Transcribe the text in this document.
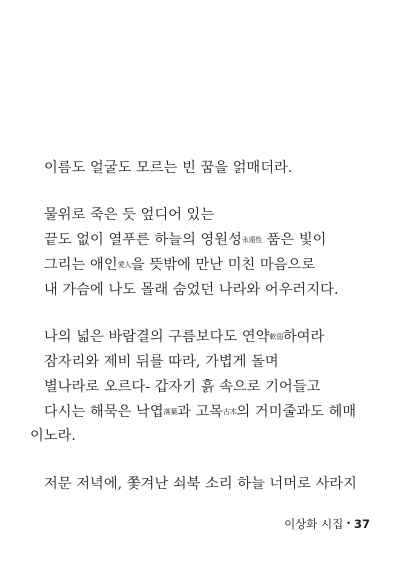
이름도 얼굴도 모르는 빈 꿈을 얽매더라.
물위로 죽은 듯 엎디어 있는
끝도 없이 열푸른 하늘의 영원성永遠性 품은 빛이
그리는 애인愛人을 뜻밖에 만난 미친 마음으로
내 가슴에 나도 몰래 숨었던 나라와 어우러지다.
나의 넓은 바람결의 구름보다도 연약軟弱하여라
잠자리와 제비 뒤를 따라, 가볍게 돌며
별나라로 오르다- 갑자기 흙 속으로 기어들고
다시는 해묵은 낙엽落葉과 고목古木의 거미줄과도 헤매
이노라.
저문 저녁에, 쫓겨난 쇠북 소리 하늘 너머로 사라지
이상화 시집 • 37
